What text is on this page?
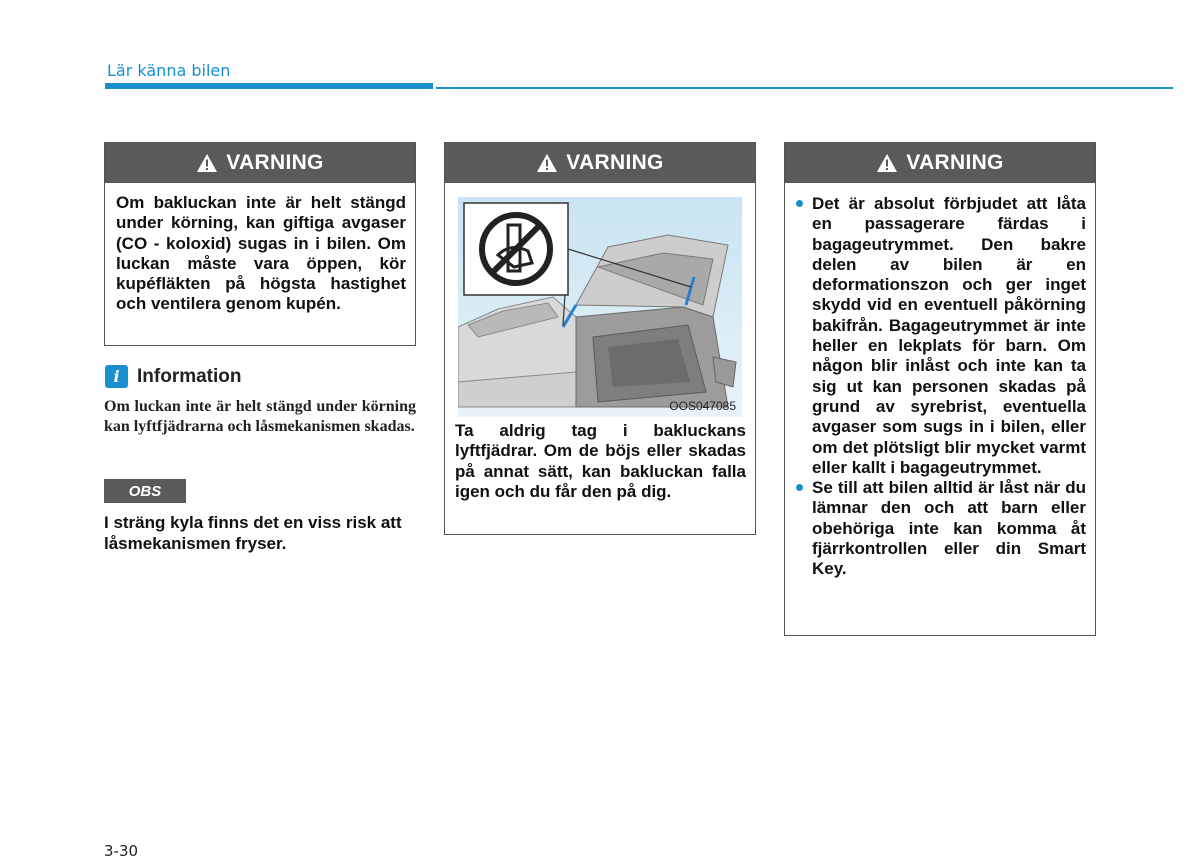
Lär känna bilen
VARNING
Om bakluckan inte är helt stängd under körning, kan giftiga avgaser (CO - koloxid) sugas in i bilen. Om luckan måste vara öppen, kör kupéfläkten på högsta hastighet och ventilera genom kupén.
VARNING
OOS047085
Ta aldrig tag i bakluckans lyftfjädrar. Om de böjs eller skadas på annat sätt, kan bakluckan falla igen och du får den på dig.
VARNING
Det är absolut förbjudet att låta en passagerare färdas i bagageutrymmet. Den bakre delen av bilen är en deformationszon och ger inget skydd vid en eventuell påkörning bakifrån. Bagageutrymmet är inte heller en lekplats för barn. Om någon blir inlåst och inte kan ta sig ut kan personen skadas på grund av syrebrist, eventuella avgaser som sugs in i bilen, eller om det plötsligt blir mycket varmt eller kallt i bagageutrymmet.
Se till att bilen alltid är låst när du lämnar den och att barn eller obehöriga inte kan komma åt fjärrkontrollen eller din Smart Key.
i Information
Om luckan inte är helt stängd under körning kan lyftfjädrarna och låsmekanismen skadas.
OBS
I sträng kyla finns det en viss risk att låsmekanismen fryser.
3-30
